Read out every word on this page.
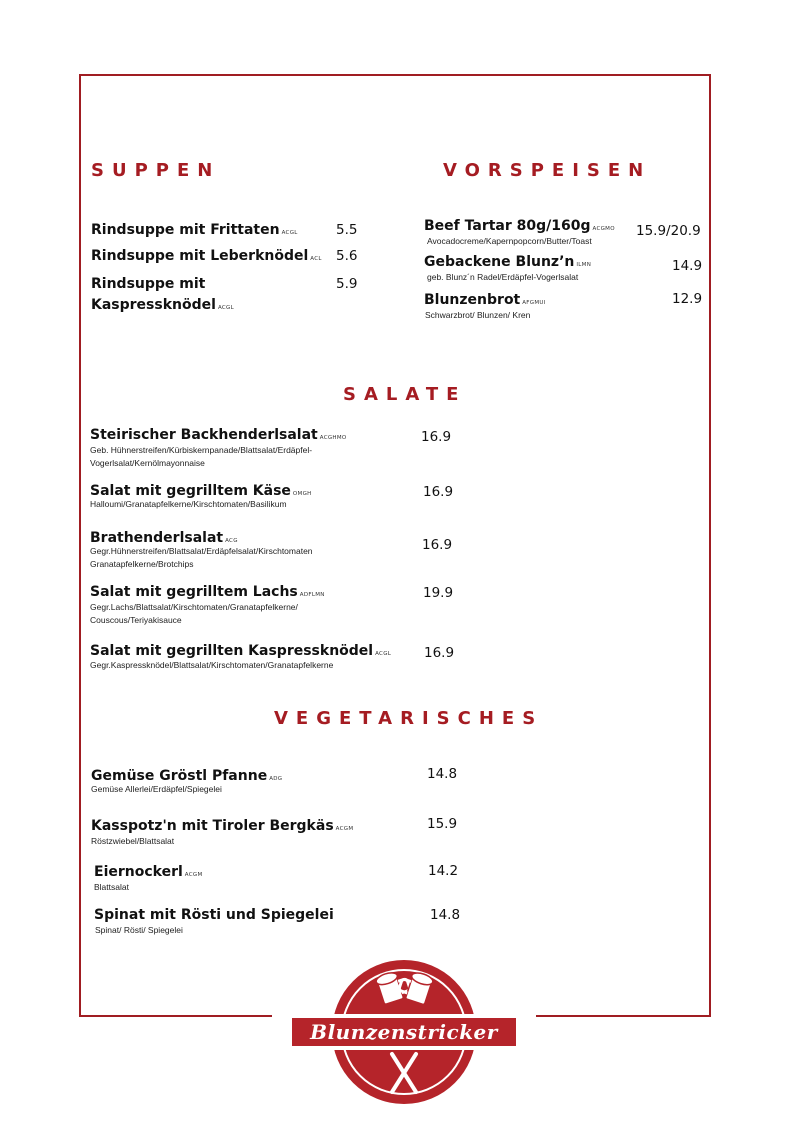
SUPPEN
Rindsuppe mit Frittaten ACGL	5.5
Rindsuppe mit Leberknödel ACL 5.6
Rindsuppe mit Kaspressknödel ACGL
5.9
VORSPEISEN
Beef Tartar 80g/160g ACGMO
Avocadocreme/Kapernpopcorn/Butter/Toast
15.9/20.9
Gebackene Blunz’n ILMN
geb. Blunz´n Radel/Erdäpfel-Vogerlsalat
14.9
Blunzenbrot AFGMUI
Schwarzbrot/ Blunzen/ Kren
12.9
SALATE
Steirischer Backhenderlsalat ACGHMO
Geb. Hühnerstreifen/Kürbiskernpanade/Blattsalat/Erdäpfel-Vogerlsalat/Kernölmayonnaise
16.9
Salat mit gegrilltem Käse OMGH
Halloumi/Granatapfelkerne/Kirschtomaten/Basilikum
16.9
Brathenderlsalat ACG
Gegr.Hühnerstreifen/Blattsalat/Erdäpfelsalat/Kirschtomaten Granatapfelkerne/Brotchips
16.9
Salat mit gegrilltem Lachs ADFLMN
Gegr.Lachs/Blattsalat/Kirschtomaten/Granatapfelkerne/ Couscous/Teriyakisauce
19.9
Salat mit gegrillten Kaspressknödel ACGL
Gegr.Kaspressknödel/Blattsalat/Kirschtomaten/Granatapfelkerne
16.9
VEGETARISCHES
Gemüse Gröstl Pfanne ADG
Gemüse Allerlei/Erdäpfel/Spiegelei
14.8
Kasspotz'n mit Tiroler Bergkäs ACGM
Röstzwiebel/Blattsalat
15.9
Eiernockerl ACGM
Blattsalat
14.2
Spinat mit Rösti und Spiegelei
Spinat/ Rösti/ Spiegelei
14.8
Blunzenstricker
